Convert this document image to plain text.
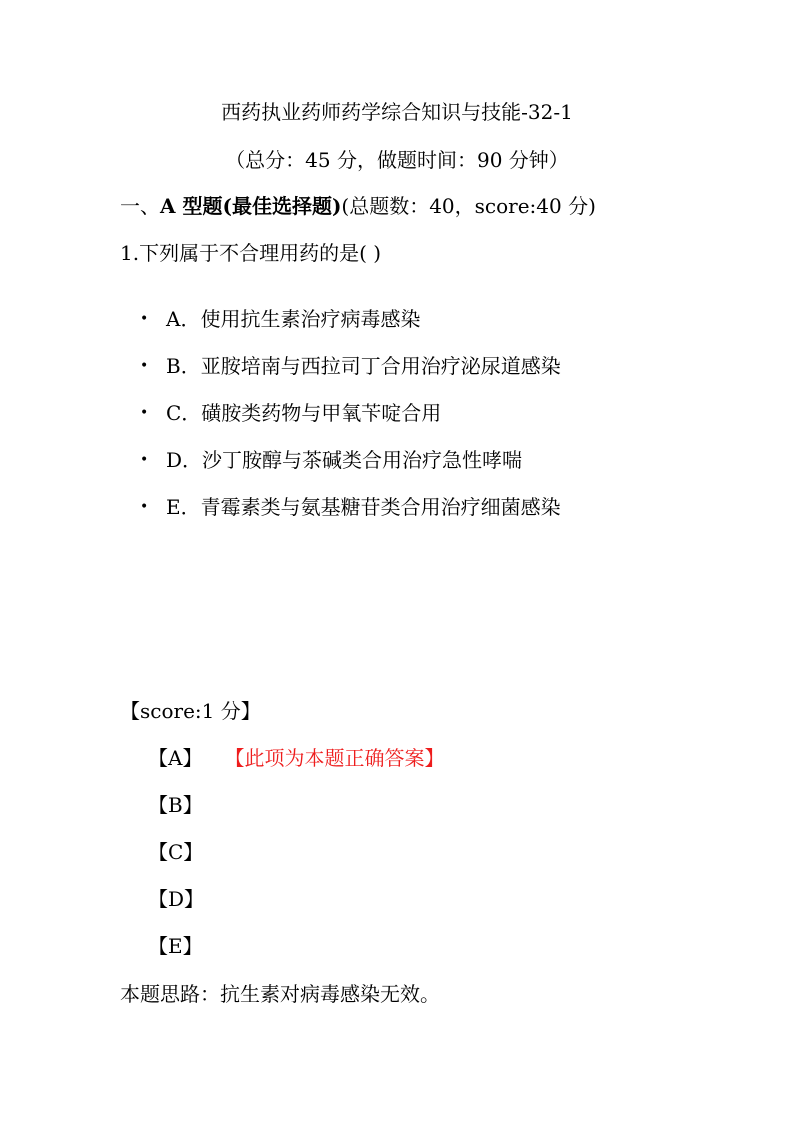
西药执业药师药学综合知识与技能-32-1
（总分：45 分，做题时间：90 分钟）
一、A 型题(最佳选择题)(总题数：40，score:40 分)
1.下列属于不合理用药的是( )
• A．使用抗生素治疗病毒感染
• B．亚胺培南与西拉司丁合用治疗泌尿道感染
• C．磺胺类药物与甲氧苄啶合用
• D．沙丁胺醇与茶碱类合用治疗急性哮喘
• E．青霉素类与氨基糖苷类合用治疗细菌感染
【score:1 分】
【A】 【此项为本题正确答案】
【B】
【C】
【D】
【E】
本题思路：抗生素对病毒感染无效。
